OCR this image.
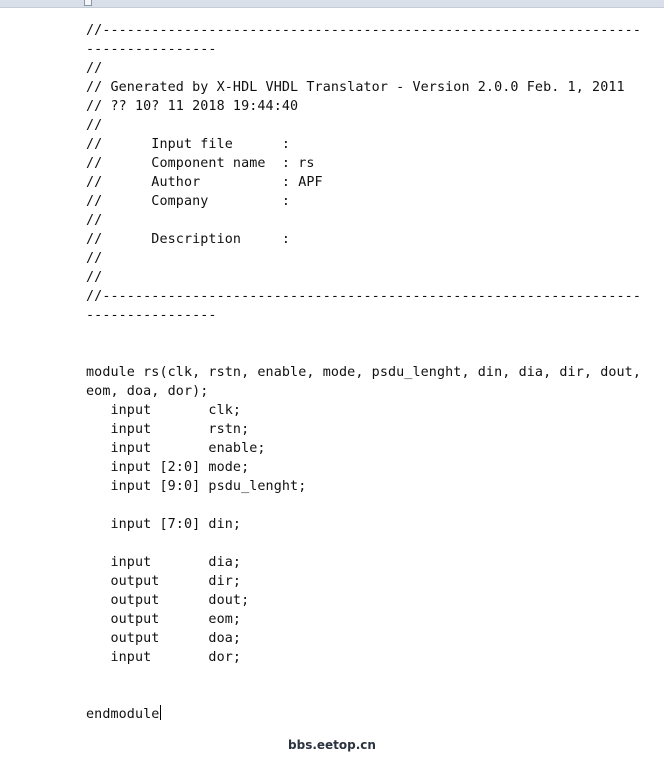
//----------------------------------------------------------------------------------
//
// Generated by X-HDL VHDL Translator - Version 2.0.0 Feb. 1, 2011
// ?? 10? 11 2018 19:44:40
//
//      Input file      :
//      Component name  : rs
//      Author          : APF
//      Company         :
//
//      Description     :
//
//
//----------------------------------------------------------------------------------
module rs(clk, rstn, enable, mode, psdu_lenght, din, dia, dir, dout, eom, doa, dor);
input       clk;
input       rstn;
input       enable;
input [2:0] mode;
input [9:0] psdu_lenght;
input [7:0] din;
input       dia;
output      dir;
output      dout;
output      eom;
output      doa;
input       dor;
endmodule
bbs.eetop.cn
